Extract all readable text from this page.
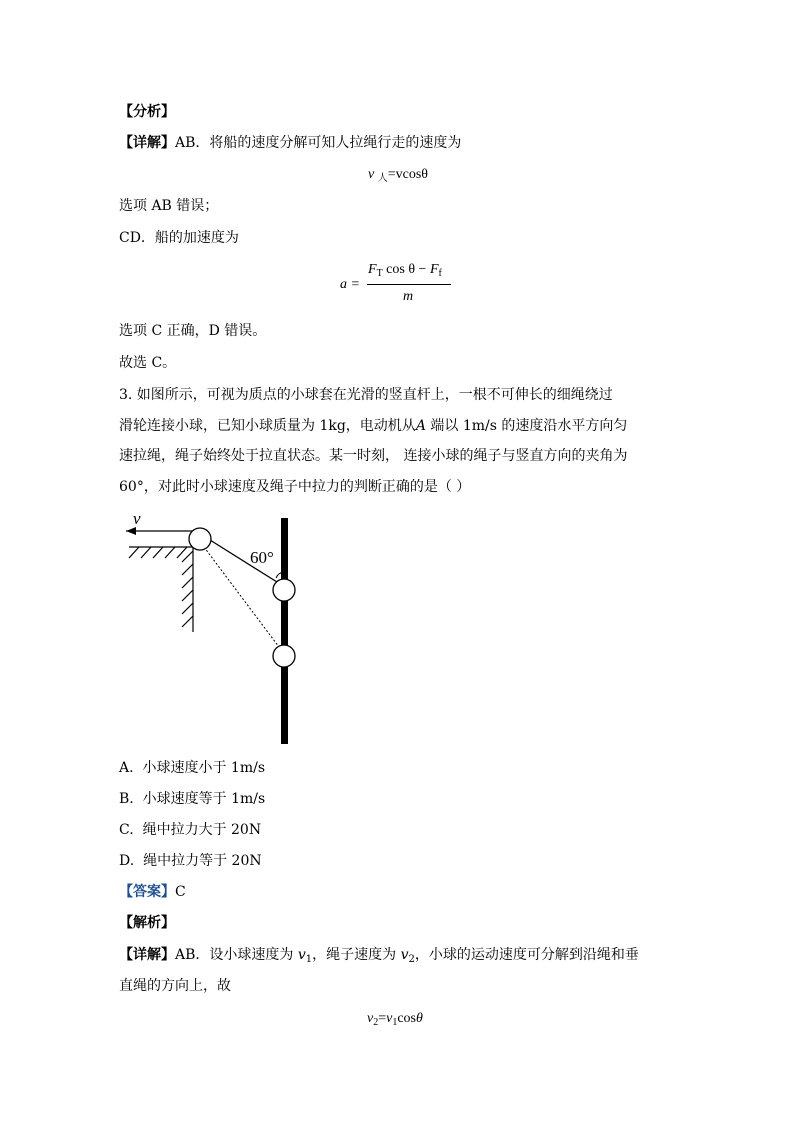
【分析】
【详解】AB．将船的速度分解可知人拉绳行走的速度为
v $_人$=vcosθ
选项 AB 错误；
CD．船的加速度为
a =
$F_T$ $\cos \theta - F_f$
m
选项 C 正确，D 错误。
故选 C。
3. 如图所示，可视为质点的小球套在光滑的竖直杆上，一根不可伸长的细绳绕过
滑轮连接小球，已知小球质量为 1kg，电动机从A 端以 1m/s 的速度沿水平方向匀
速拉绳，绳子始终处于拉直状态。某一时刻， 连接小球的绳子与竖直方向的夹角为
60°，对此时小球速度及绳子中拉力的判断正确的是（ ）
v
60°
A. 小球速度小于 1m/s
B. 小球速度等于 1m/s
C. 绳中拉力大于 20N
D. 绳中拉力等于 20N
【答案】C
【解析】
【详解】AB．设小球速度为 $v_1$，绳子速度为 $v_2$，小球的运动速度可分解到沿绳和垂
直绳的方向上，故
$v_2=v_1\cos\theta$
